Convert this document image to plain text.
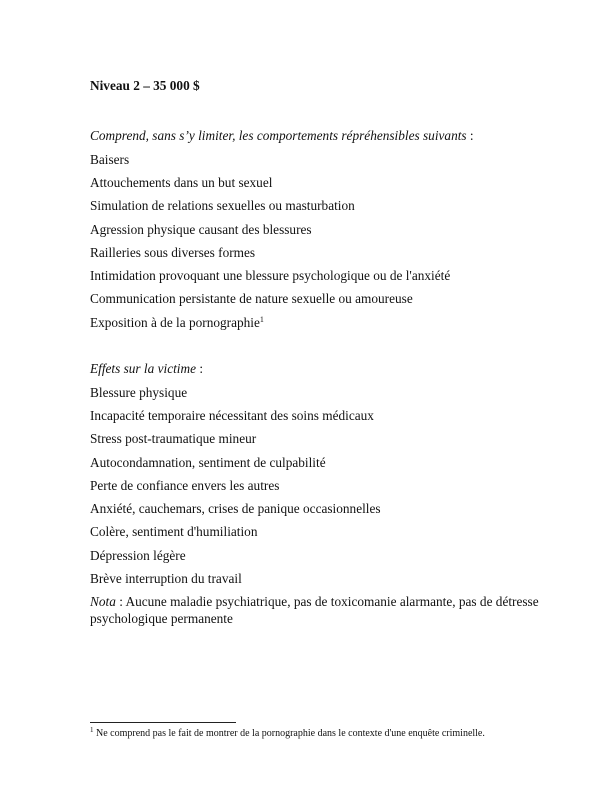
Niveau 2 – 35 000 $
Comprend, sans s’y limiter, les comportements répréhensibles suivants :
Baisers
Attouchements dans un but sexuel
Simulation de relations sexuelles ou masturbation
Agression physique causant des blessures
Railleries sous diverses formes
Intimidation provoquant une blessure psychologique ou de l'anxiété
Communication persistante de nature sexuelle ou amoureuse
Exposition à de la pornographie$^1$
Effets sur la victime :
Blessure physique
Incapacité temporaire nécessitant des soins médicaux
Stress post-traumatique mineur
Autocondamnation, sentiment de culpabilité
Perte de confiance envers les autres
Anxiété, cauchemars, crises de panique occasionnelles
Colère, sentiment d'humiliation
Dépression légère
Brève interruption du travail
Nota : Aucune maladie psychiatrique, pas de toxicomanie alarmante, pas de détresse
psychologique permanente
$^1$ Ne comprend pas le fait de montrer de la pornographie dans le contexte d'une enquête criminelle.
